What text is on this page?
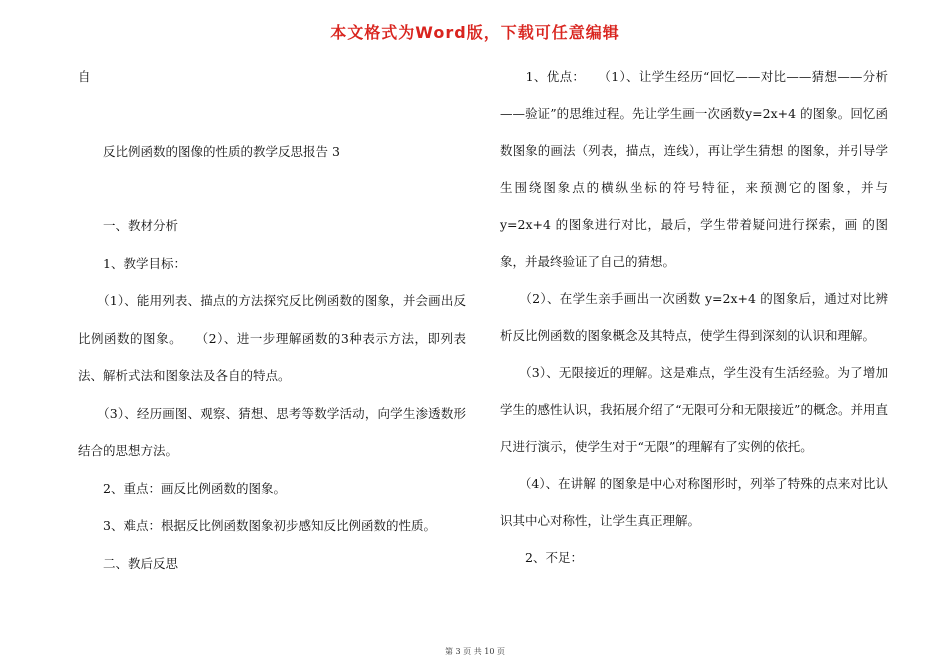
本文格式为Word版，下载可任意编辑

自

　　反比例函数的图像的性质的教学反思报告 3

　　一、教材分析

　　1、教学目标：

　　（1）、能用列表、描点的方法探究反比例函数的图象，并会画出反比例函数的图象。　　（2）、进一步理解函数的3种表示方法，即列表法、解析式法和图象法及各自的特点。

　　（3）、经历画图、观察、猜想、思考等数学活动，向学生渗透数形结合的思想方法。

　　2、重点：画反比例函数的图象。

　　3、难点：根据反比例函数图象初步感知反比例函数的性质。

　　二、教后反思

　　1、优点：　　（1）、让学生经历“回忆——对比——猜想——分析——验证”的思维过程。先让学生画一次函数y=2x+4 的图象。回忆函数图象的画法（列表，描点，连线），再让学生猜想 的图象，并引导学生围绕图象点的横纵坐标的符号特征，来预测它的图象，并与y=2x+4 的图象进行对比，最后，学生带着疑问进行探索，画 的图象，并最终验证了自己的猜想。

　　（2）、在学生亲手画出一次函数 y=2x+4 的图象后，通过对比辨析反比例函数的图象概念及其特点，使学生得到深刻的认识和理解。

　　（3）、无限接近的理解。这是难点，学生没有生活经验。为了增加学生的感性认识，我拓展介绍了“无限可分和无限接近”的概念。并用直尺进行演示，使学生对于“无限”的理解有了实例的依托。

　　（4）、在讲解 的图象是中心对称图形时，列举了特殊的点来对比认识其中心对称性，让学生真正理解。

　　2、不足：

第 3 页 共 10 页
